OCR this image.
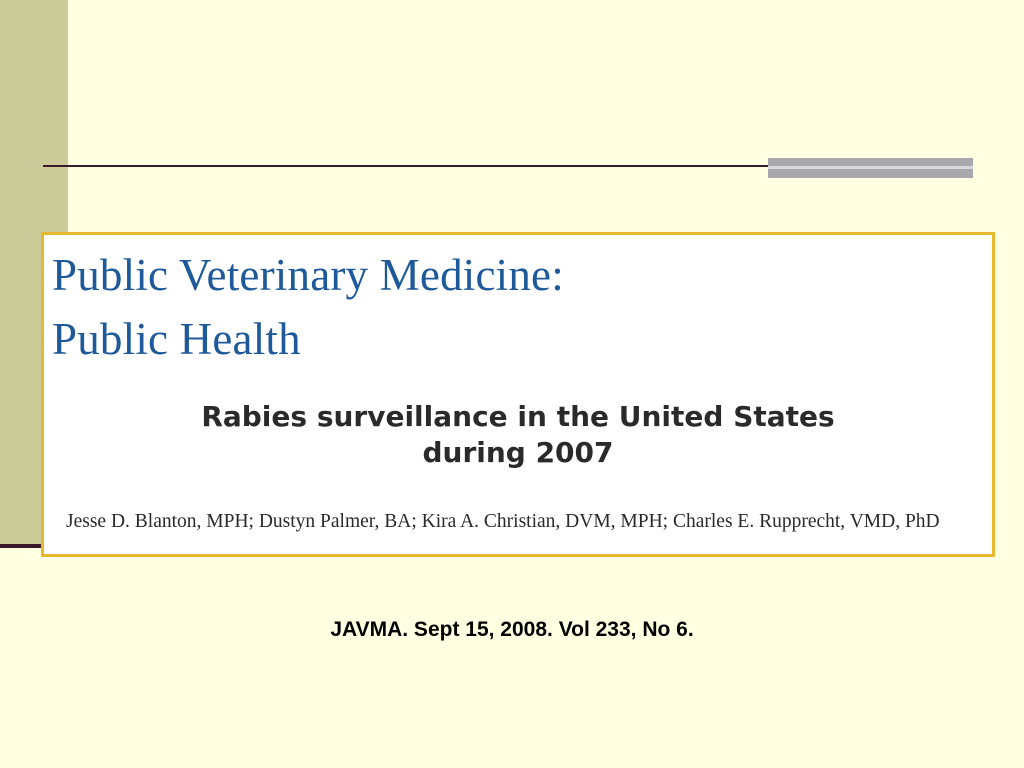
Public Veterinary Medicine:
Public Health
Rabies surveillance in the United States
during 2007

Jesse D. Blanton, MPH; Dustyn Palmer, BA; Kira A. Christian, DVM, MPH; Charles E. Rupprecht, VMD, PhD

JAVMA. Sept 15, 2008. Vol 233, No 6.
